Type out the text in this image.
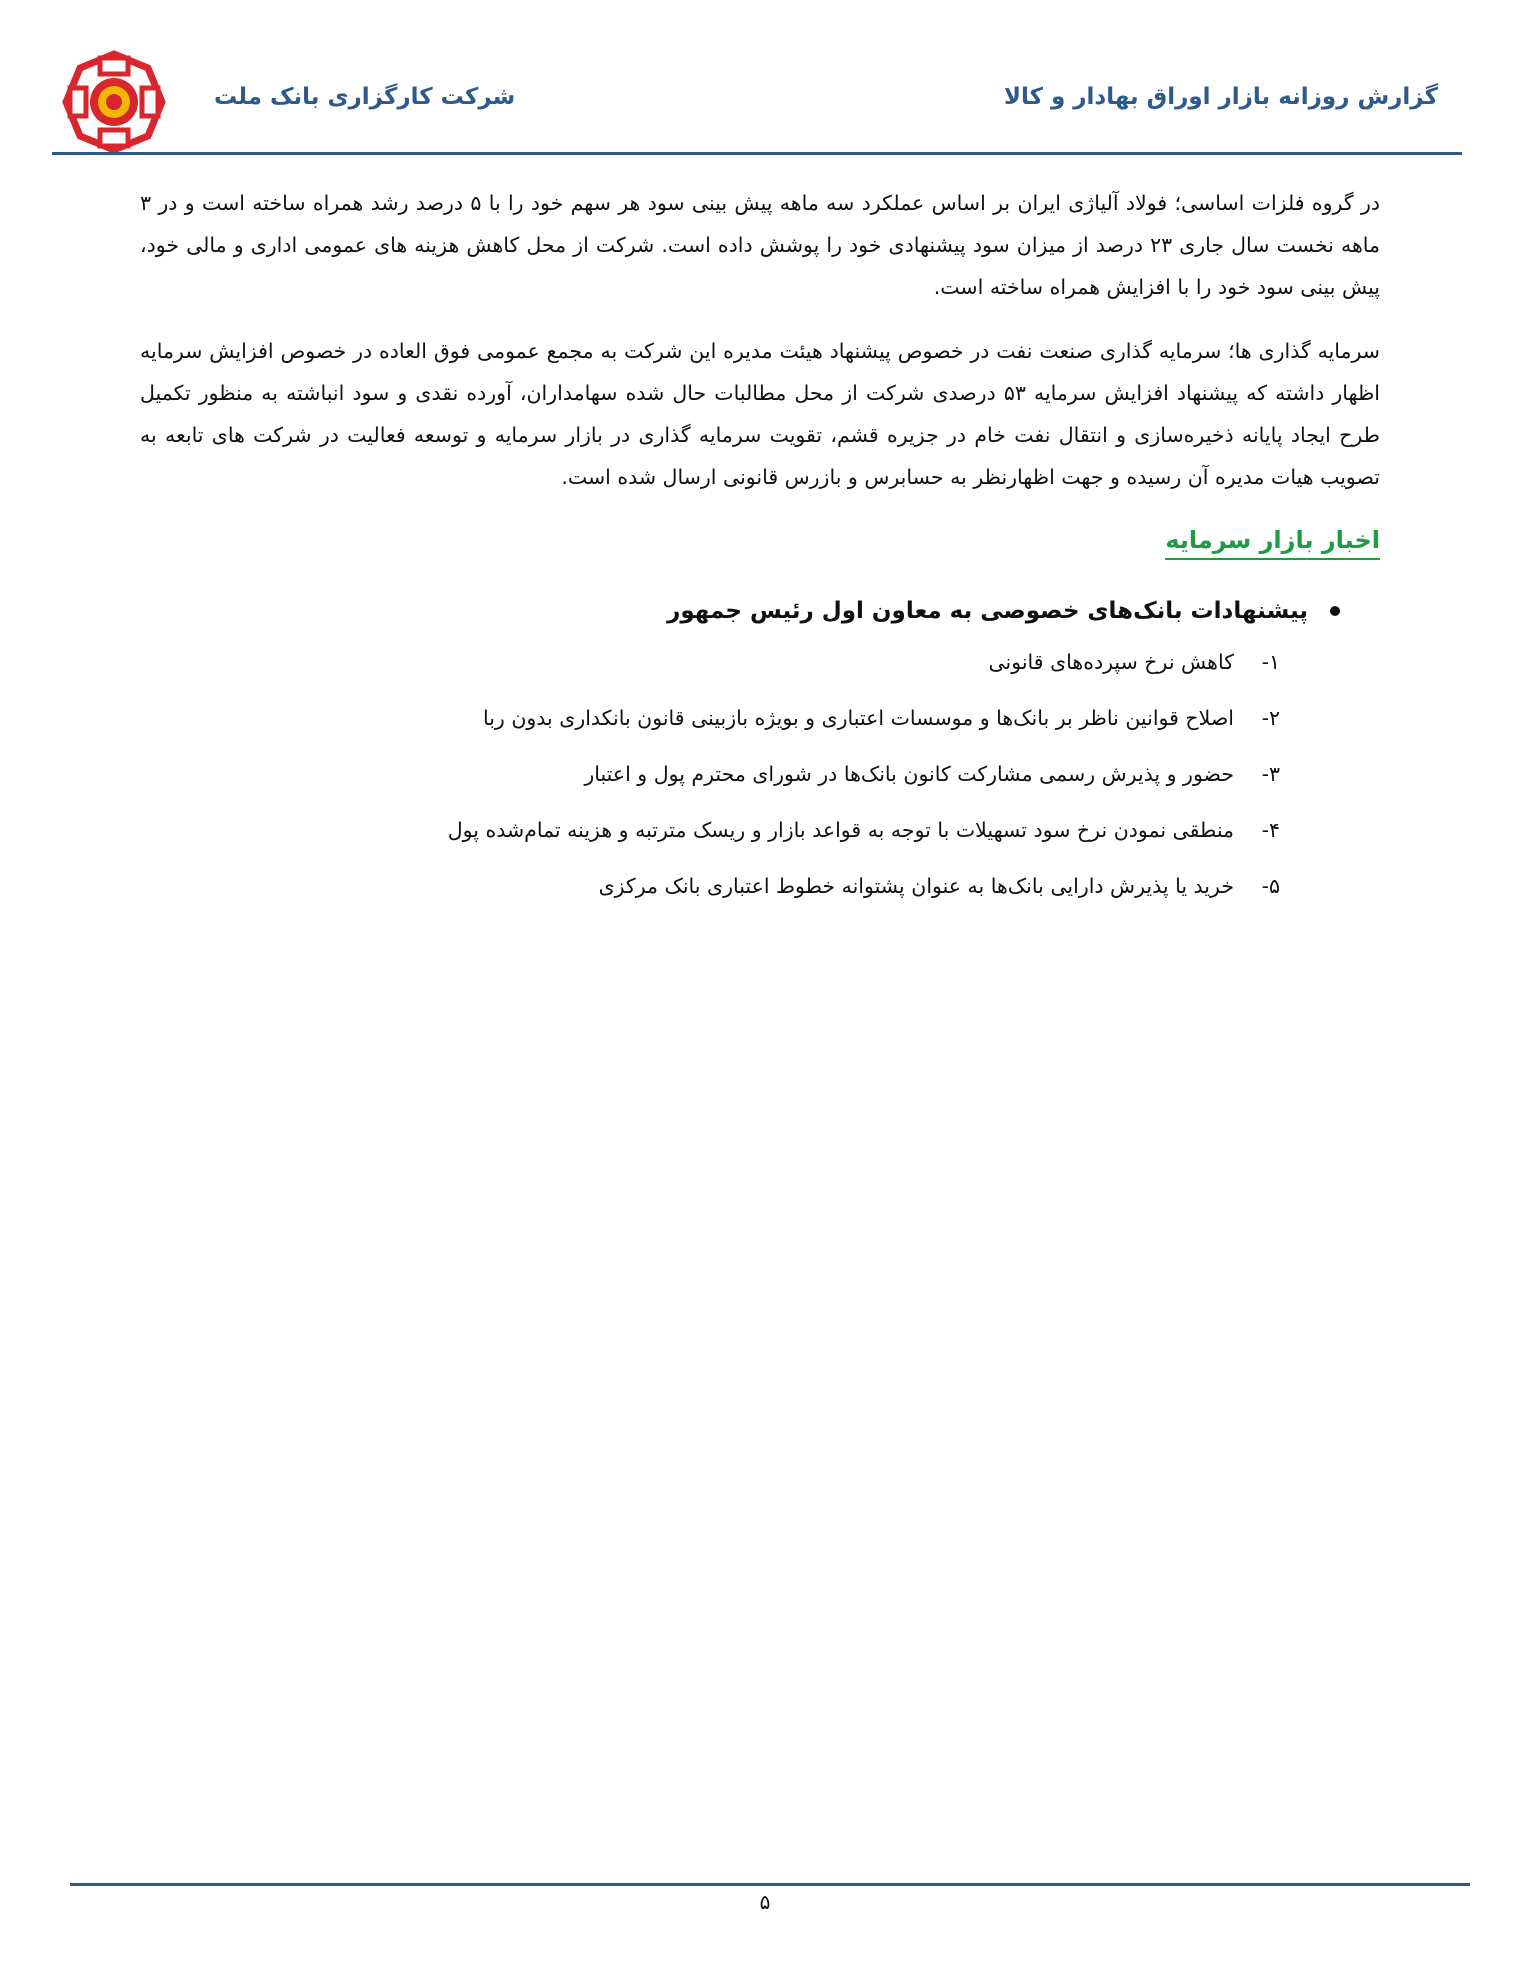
شرکت کارگزاری بانک ملت	گزارش روزانه بازار اوراق بهادار و کالا

در گروه فلزات اساسی؛ فولاد آلیاژی ایران بر اساس عملکرد سه ماهه پیش بینی سود هر سهم خود را با ۵ درصد رشد همراه ساخته است و در ۳ ماهه نخست سال جاری ۲۳ درصد از میزان سود پیشنهادی خود را پوشش داده است. شرکت از محل کاهش هزینه های عمومی اداری و مالی خود، پیش بینی سود خود را با افزایش همراه ساخته است.

سرمایه گذاری ها؛ سرمایه گذاری صنعت نفت در خصوص پیشنهاد هیئت مدیره این شرکت به مجمع عمومی فوق العاده در خصوص افزایش سرمایه اظهار داشته که پیشنهاد افزایش سرمایه ۵۳ درصدی شرکت از محل مطالبات حال شده سهامداران، آورده نقدی و سود انباشته به منظور تکمیل طرح ایجاد پایانه ذخیره‌سازی و انتقال نفت خام در جزیره قشم، تقویت سرمایه گذاری در بازار سرمایه و توسعه فعالیت در شرکت های تابعه به تصویب هیات مدیره آن رسیده و جهت اظهارنظر به حسابرس و بازرس قانونی ارسال شده است.

اخبار بازار سرمایه
پیشنهادات بانک‌های خصوصی به معاون اول رئیس جمهور
۱-
کاهش نرخ سپرده‌های قانونی
۲-
اصلاح قوانین ناظر بر بانک‌ها و موسسات اعتباری و بویژه بازبینی قانون بانکداری بدون ربا
۳-
حضور و پذیرش رسمی مشارکت کانون بانک‌ها در شورای محترم پول و اعتبار
۴-
منطقی نمودن نرخ سود تسهیلات با توجه به قواعد بازار و ریسک مترتبه و هزینه تمام‌شده پول
۵-
خرید یا پذیرش دارایی بانک‌ها به عنوان پشتوانه خطوط اعتباری بانک مرکزی
۵
